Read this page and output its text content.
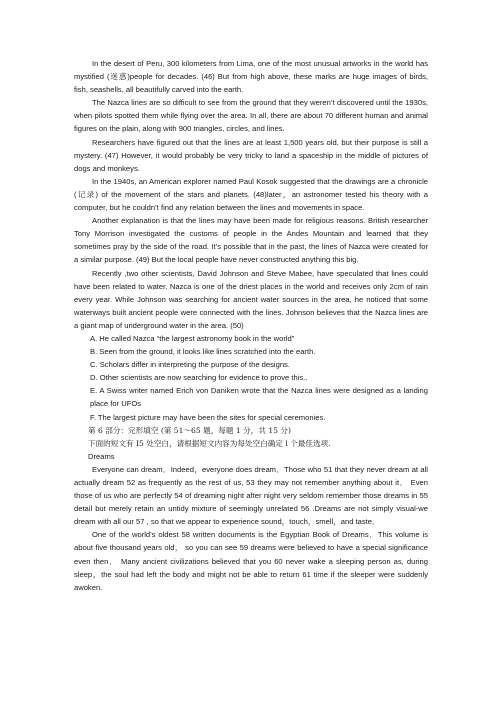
In the desert of Peru, 300 kilometers from Lima, one of the most unusual artworks in the world has mystified (迷惑)people for decades. (46) But from high above, these marks are huge images of birds, fish, seashells, all beautifully carved into the earth.

The Nazca lines are so difficult to see from the ground that they weren’t discovered until the 1930s, when pilots spotted them while flying over the area. In all, there are about 70 different human and animal figures on the plain, along with 900 triangles, circles, and lines.

Researchers have figured out that the lines are at least 1,500 years old, but their purpose is still a mystery. (47) However, it would probably be very tricky to land a spaceship in the middle of pictures of dogs and monkeys.

In the 1940s, an American explorer named Paul Kosok suggested that the drawings are a chronicle (记录) of the movement of the stars and planets. (48)later，an astronomer tested his theory with a computer, but he couldn’t find any relation between the lines and movements in space.

Another explanation is that the lines may have been made for religious reasons. British researcher Tony Morrison investigated the customs of people in the Andes Mountain and learned that they sometimes pray by the side of the road. It’s possible that in the past, the lines of Nazca were created for a similar purpose. (49) But the local people have never constructed anything this big.

Recently ,two other scientists, David Johnson and Steve Mabee, have speculated that lines could have been related to water. Nazca is one of the driest places in the world and receives only 2cm of rain every year. While Johnson was searching for ancient water sources in the area, he noticed that some waterways built ancient people were connected with the lines. Johnson believes that the Nazca lines are a giant map of underground water in the area. (50)

A. He called Nazca “the largest astronomy book in the world”

B. Seen from the ground, it looks like lines scratched into the earth.

C. Scholars differ in interpreting the purpose of the designs.

D. Other scientists are now searching for evidence to prove this..

E. A Swiss writer named Erich von Daniken wrote that the Nazca lines were designed as a landing place for UFOs

F. The largest picture may have been the sites for special ceremonies.

第 6 部分：完形填空 (第 51～65 题，每题 1 分，共 15 分)

下面的短文有 I5 处空白，请根据短文内容为每处空白确定 l 个最佳选项.

Dreams

Everyone can dream．Indeed，everyone does dream．Those who 51 that they never dream at all actually dream 52 as frequently as the rest of us, 53 they may not remember anything about it． Even those of us who are perfectly 54 of dreaming night after night very seldom remember those dreams in 55 detail but merely retain an untidy mixture of seemingly unrelated 56 .Dreams are not simply visual-we dream with all our 57 , so that we appear to experience sound，touch，smell，and taste．

One of the world's oldest 58 written documents is the Egyptian Book of Dreams．This volume is about five thousand years old， so you can see 59 dreams were believed to have a special significance even then． Many ancient civilizations believed that you 60 never wake a sleeping person as, during sleep，the soul had left the body and might not be able to return 61 time if the sleeper were suddenly awoken.
